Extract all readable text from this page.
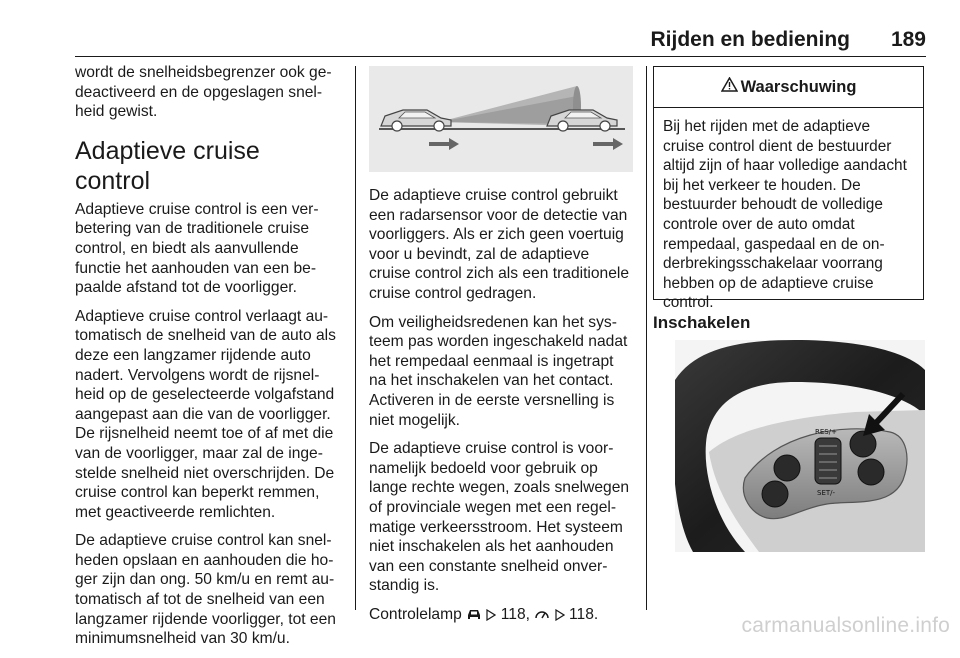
Rijden en bediening	189

wordt de snelheidsbegrenzer ook gedeactiveerd en de opgeslagen snelheid gewist.

Adaptieve cruise control

Adaptieve cruise control is een verbetering van de traditionele cruise control, en biedt als aanvullende functie het aanhouden van een bepaalde afstand tot de voorligger.

Adaptieve cruise control verlaagt automatisch de snelheid van de auto als deze een langzamer rijdende auto nadert. Vervolgens wordt de rijsnelheid op de geselecteerde volgafstand aangepast aan die van de voorligger. De rijsnelheid neemt toe of af met die van de voorligger, maar zal de ingestelde snelheid niet overschrijden. De cruise control kan beperkt remmen, met geactiveerde remlichten.

De adaptieve cruise control kan snelheden opslaan en aanhouden die hoger zijn dan ong. 50 km/u en remt automatisch af tot de snelheid van een langzamer rijdende voorligger, tot een minimumsnelheid van 30 km/u.

De adaptieve cruise control gebruikt een radarsensor voor de detectie van voorliggers. Als er zich geen voertuig voor u bevindt, zal de adaptieve cruise control zich als een traditionele cruise control gedragen.

Om veiligheidsredenen kan het systeem pas worden ingeschakeld nadat het rempedaal eenmaal is ingetrapt na het inschakelen van het contact. Activeren in de eerste versnelling is niet mogelijk.

De adaptieve cruise control is voornamelijk bedoeld voor gebruik op lange rechte wegen, zoals snelwegen of provinciale wegen met een regelmatige verkeersstroom. Het systeem niet inschakelen als het aanhouden van een constante snelheid onverstandig is.

Controlelamp	118,	118.

Waarschuwing
Bij het rijden met de adaptieve cruise control dient de bestuurder altijd zijn of haar volledige aandacht bij het verkeer te houden. De bestuurder behoudt de volledige controle over de auto omdat rempedaal, gaspedaal en de onderbrekingsschakelaar voorrang hebben op de adaptieve cruise control.
Inschakelen
RES/+
SET/-
carmanualsonline.info
